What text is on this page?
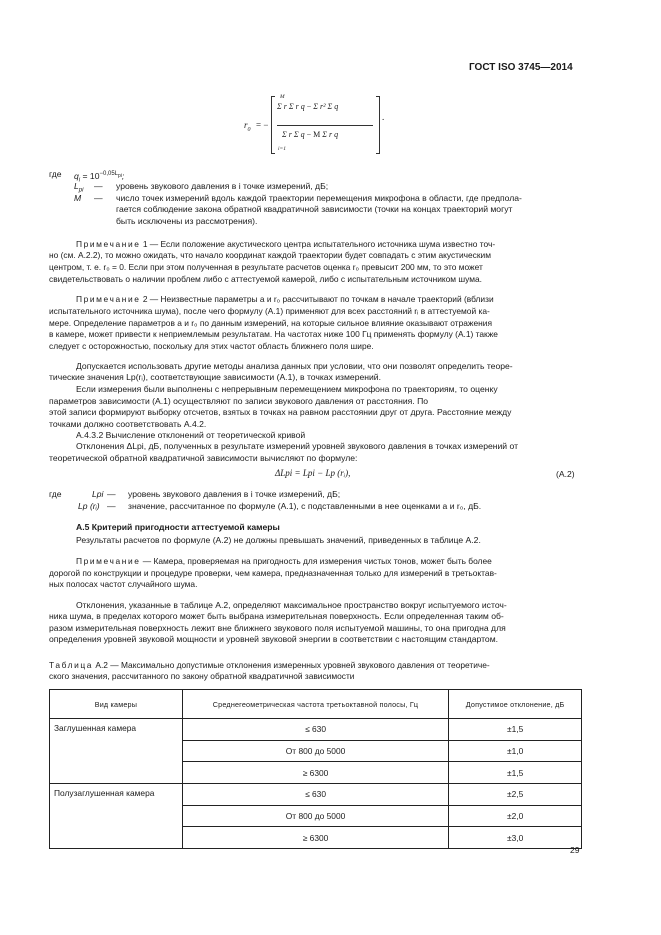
ГОСТ ISO 3745—2014
$r_0$ = −
Σ r Σ r q − Σ r² Σ q
Σ r Σ q − M Σ r q
M
i=1
.
где $q_i = 10^{-0,05L_{pi}}$;
$L_{pi}$ — уровень звукового давления в i точке измерений, дБ;
M — число точек измерений вдоль каждой траектории перемещения микрофона в области, где предпола-
гается соблюдение закона обратной квадратичной зависимости (точки на концах траекторий могут
быть исключены из рассмотрения).
Примечание 1 — Если положение акустического центра испытательного источника шума известно точ-
но (см. А.2.2), то можно ожидать, что начало координат каждой траектории будет совпадать с этим акустическим
центром, т. е. r₀ = 0. Если при этом полученная в результате расчетов оценка r₀ превысит 200 мм, то это может
свидетельствовать о наличии проблем либо с аттестуемой камерой, либо с испытательным источником шума.
Примечание 2 — Неизвестные параметры a и r₀ рассчитывают по точкам в начале траекторий (вблизи
испытательного источника шума), после чего формулу (А.1) применяют для всех расстояний rᵢ в аттестуемой ка-
мере. Определение параметров a и r₀ по данным измерений, на которые сильное влияние оказывают отражения
в камере, может привести к неприемлемым результатам. На частотах ниже 100 Гц применять формулу (А.1) также
следует с осторожностью, поскольку для этих частот область ближнего поля шире.
Допускается использовать другие методы анализа данных при условии, что они позволят определить теоре-
тические значения Lp(rᵢ), соответствующие зависимости (А.1), в точках измерений.
Если измерения были выполнены с непрерывным перемещением микрофона по траекториям, то оценку
параметров зависимости (А.1) осуществляют по записи звукового давления от расстояния. По
этой записи формируют выборку отсчетов, взятых в точках на равном расстоянии друг от друга. Расстояние между
точками должно соответствовать А.4.2.
А.4.3.2 Вычисление отклонений от теоретической кривой
Отклонения ΔLpi, дБ, полученных в результате измерений уровней звукового давления в точках измерений от
теоретической обратной квадратичной зависимости вычисляют по формуле:
ΔLpi = Lpi − Lp (rᵢ),	(А.2)
где	Lpi — уровень звукового давления в i точке измерений, дБ;
Lp (rᵢ) — значение, рассчитанное по формуле (А.1), с подставленными в нее оценками a и r₀, дБ.
А.5 Критерий пригодности аттестуемой камеры
Результаты расчетов по формуле (А.2) не должны превышать значений, приведенных в таблице А.2.
Примечание — Камера, проверяемая на пригодность для измерения чистых тонов, может быть более
дорогой по конструкции и процедуре проверки, чем камера, предназначенная только для измерений в третьоктав-
ных полосах частот случайного шума.
Отклонения, указанные в таблице А.2, определяют максимальное пространство вокруг испытуемого источ-
ника шума, в пределах которого может быть выбрана измерительная поверхность. Если определенная таким об-
разом измерительная поверхность лежит вне ближнего звукового поля испытуемой машины, то она пригодна для
определения уровней звуковой мощности и уровней звуковой энергии в соответствии с настоящим стандартом.
Таблица А.2 — Максимально допустимые отклонения измеренных уровней звукового давления от теоретиче-
ского значения, рассчитанного по закону обратной квадратичной зависимости
Вид камеры	Среднегеометрическая частота третьоктавной полосы, Гц	Допустимое отклонение, дБ
Заглушенная камера	≤ 630	±1,5
	От 800 до 5000	±1,0
	≥ 6300	±1,5
Полузаглушенная камера	≤ 630	±2,5
	От 800 до 5000	±2,0
	≥ 6300	±3,0
29
